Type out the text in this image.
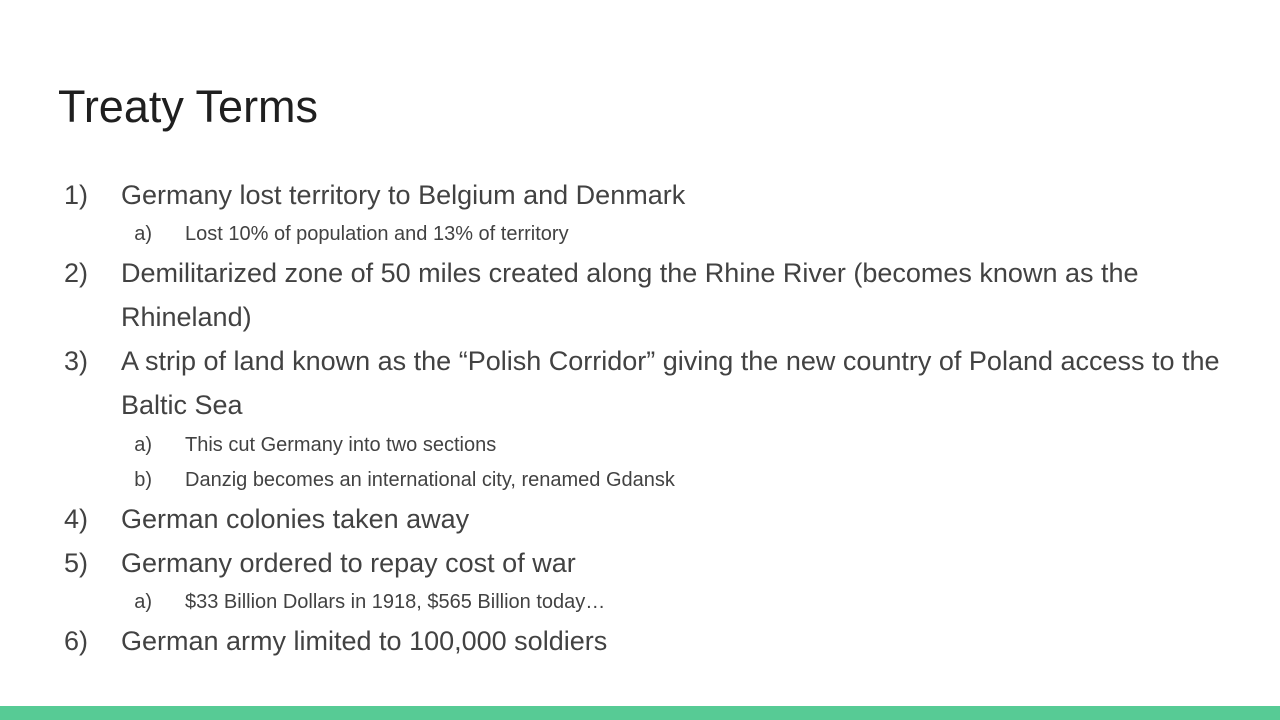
Treaty Terms
1) Germany lost territory to Belgium and Denmark
a) Lost 10% of population and 13% of territory
2) Demilitarized zone of 50 miles created along the Rhine River (becomes known as the Rhineland)
3) A strip of land known as the “Polish Corridor” giving the new country of Poland access to the Baltic Sea
a) This cut Germany into two sections
b) Danzig becomes an international city, renamed Gdansk
4) German colonies taken away
5) Germany ordered to repay cost of war
a) $33 Billion Dollars in 1918, $565 Billion today…
6) German army limited to 100,000 soldiers
